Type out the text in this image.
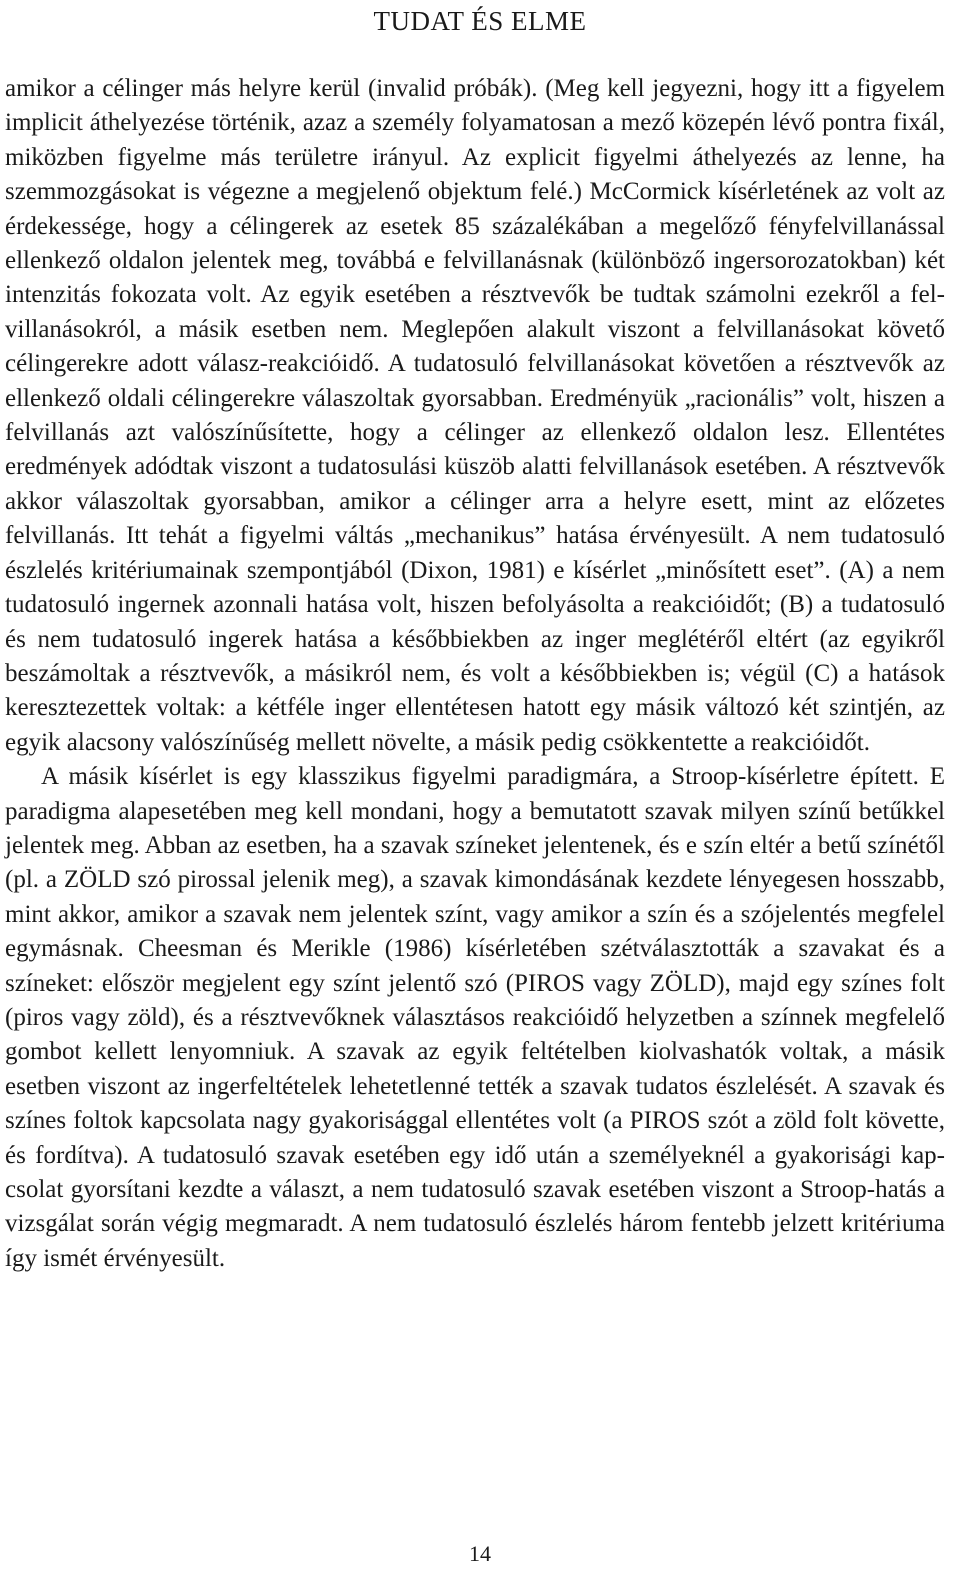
TUDAT ÉS ELME

amikor a célinger más helyre kerül (invalid próbák). (Meg kell jegyezni, hogy itt a figyelem implicit áthelyezése történik, azaz a személy folyamatosan a mező közepén lévő pontra fixál, miközben figyelme más területre irányul. Az explicit figyelmi áthelyezés az lenne, ha szemmozgásokat is végezne a megjelenő objektum felé.) McCormick kísérletének az volt az érdekessége, hogy a célingerek az esetek 85 százalékában a megelőző fényfelvillanással ellenkező oldalon jelentek meg, továbbá e felvillanásnak (különböző ingersorozatokban) két intenzitás fokozata volt. Az egyik esetében a résztvevők be tudtak számolni ezekről a felvillanásokról, a másik esetben nem. Meglepően alakult viszont a felvillanásokat követő célingerekre adott válasz-reakcióidő. A tudatosuló felvillanásokat követően a résztvevők az ellenkező oldali célingerekre válaszoltak gyorsabban. Eredményük „racionális” volt, hiszen a felvillanás azt valószínűsítette, hogy a célinger az ellenkező oldalon lesz. Ellentétes eredmények adódtak viszont a tudatosulási küszöb alatti felvillanások esetében. A résztvevők akkor válaszoltak gyorsabban, amikor a célinger arra a helyre esett, mint az előzetes felvillanás. Itt tehát a figyelmi váltás „mechanikus” hatása érvényesült. A nem tudatosuló észlelés kritériumainak szempontjából (Dixon, 1981) e kísérlet „minősített eset”. (A) a nem tudatosuló ingernek azonnali hatása volt, hiszen befolyásolta a reakcióidőt; (B) a tudatosuló és nem tudatosuló ingerek hatása a későbbiekben az inger meglétéről eltért (az egyikről beszámoltak a résztvevők, a másikról nem, és volt a későbbiekben is; végül (C) a hatások keresztezettek voltak: a kétféle inger ellentétesen hatott egy másik változó két szintjén, az egyik alacsony valószínűség mellett növelte, a másik pedig csökkentette a reakcióidőt.

A másik kísérlet is egy klasszikus figyelmi paradigmára, a Stroop-kísérletre épített. E paradigma alapesetében meg kell mondani, hogy a bemutatott szavak milyen színű betűkkel jelentek meg. Abban az esetben, ha a szavak színeket jelentenek, és e szín eltér a betű színétől (pl. a ZÖLD szó pirossal jelenik meg), a szavak kimondásának kezdete lényegesen hosszabb, mint akkor, amikor a szavak nem jelentek színt, vagy amikor a szín és a szójelentés megfelel egymásnak. Cheesman és Merikle (1986) kísérletében szétválasztották a szavakat és a színeket: először megjelent egy színt jelentő szó (PIROS vagy ZÖLD), majd egy színes folt (piros vagy zöld), és a résztvevőknek választásos reakcióidő helyzetben a színnek megfelelő gombot kellett lenyomniuk. A szavak az egyik feltételben kiolvashatók voltak, a másik esetben viszont az ingerfeltételek lehetetlenné tették a szavak tudatos észlelését. A szavak és színes foltok kapcsolata nagy gyakorisággal ellentétes volt (a PIROS szót a zöld folt követte, és fordítva). A tudatosuló szavak esetében egy idő után a személyeknél a gyakorisági kapcsolat gyorsítani kezdte a választ, a nem tudatosuló szavak esetében viszont a Stroop-hatás a vizsgálat során végig megmaradt. A nem tudatosuló észlelés három fentebb jelzett kritériuma így ismét érvényesült.

14
